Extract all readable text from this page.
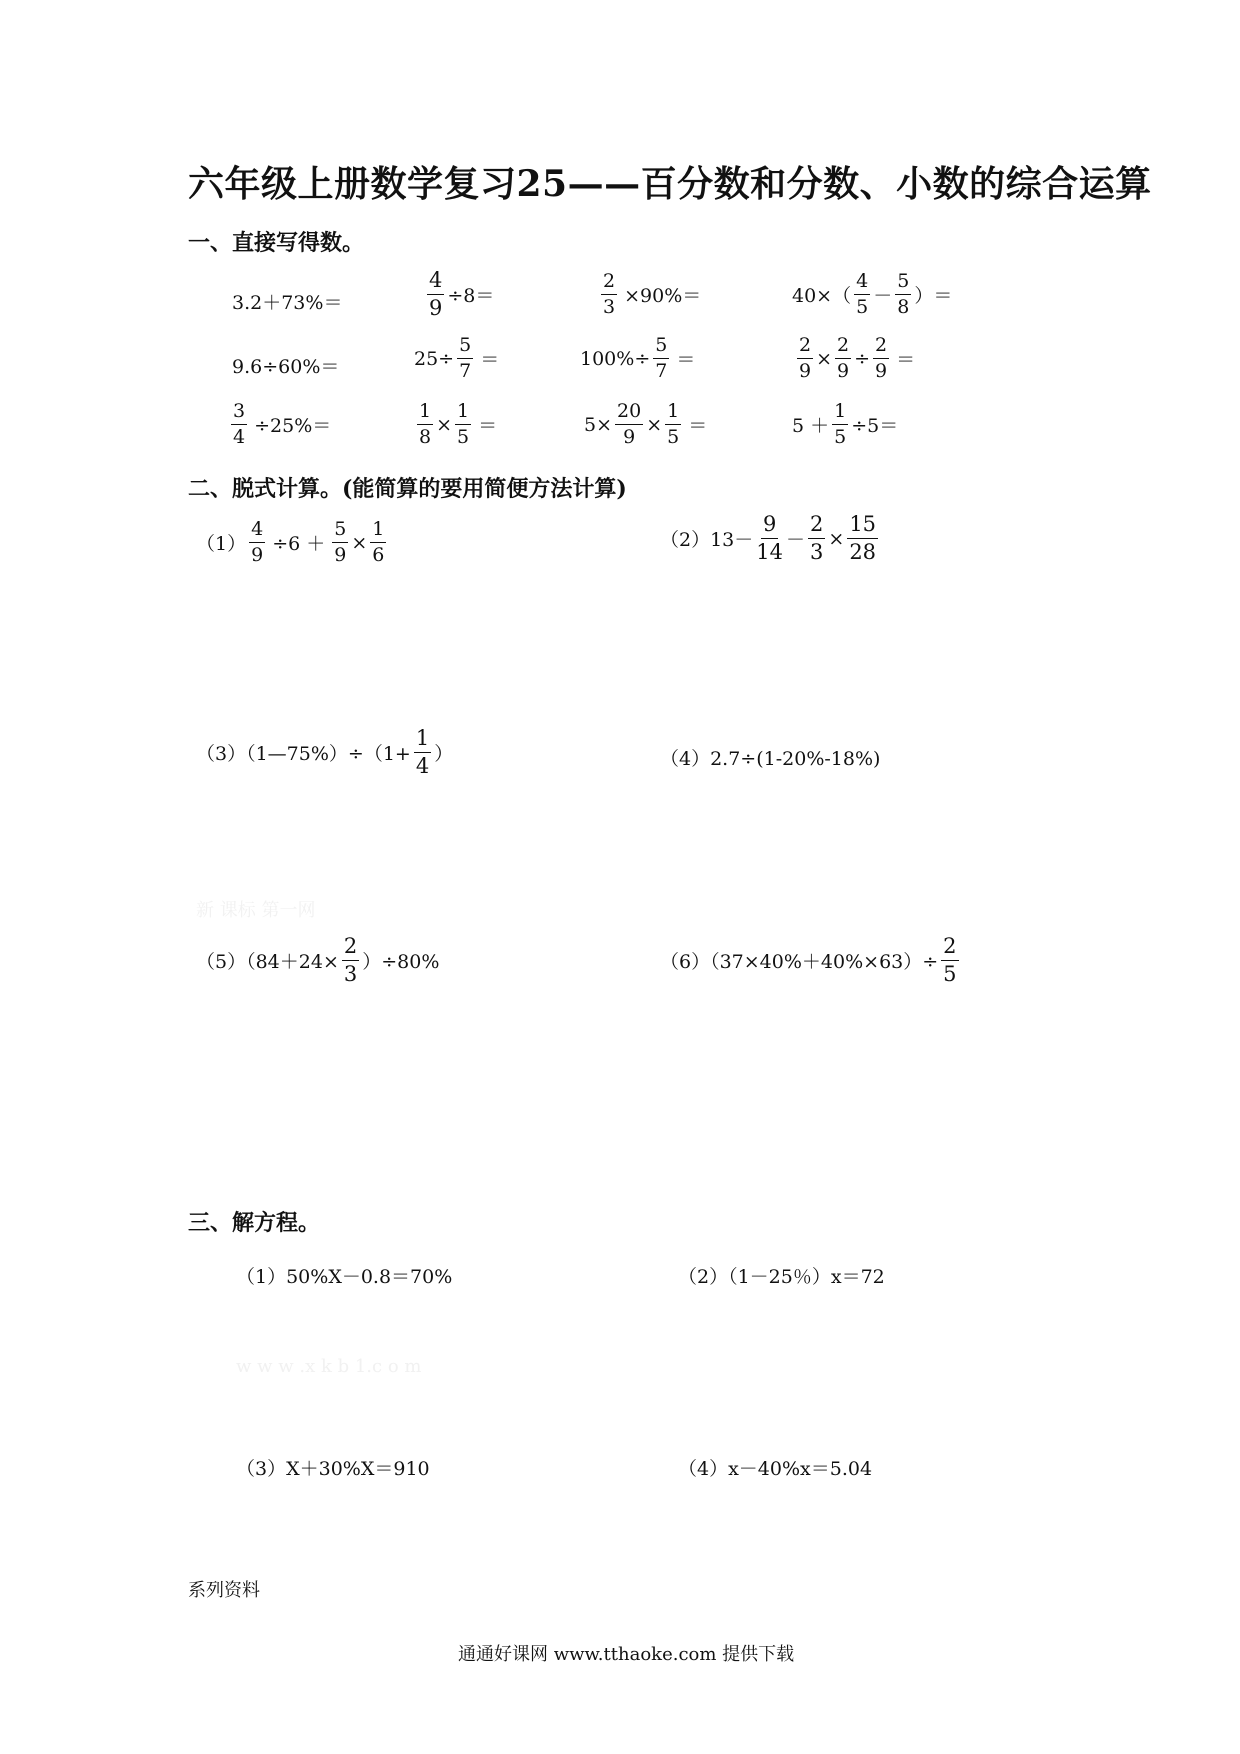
六年级上册数学复习25——百分数和分数、小数的综合运算
一、直接写得数。
3.2＋73%＝	$\frac{4}{9} \div 8=$	$\frac{2}{3} \times 90\%=$	$40\times( \frac{4}{5} - \frac{5}{8}$ ）＝
9.6÷60%＝	$25\div \frac{5}{7}$ ＝	$100\%\div \frac{5}{7}$ ＝	$\frac{2}{9} \times \frac{2}{9} \div \frac{2}{9}$ ＝
$\frac{3}{4} \div 25\%=$	$\frac{1}{8} \times \frac{1}{5}$ ＝	$5\times \frac{20}{9} \times \frac{1}{5}$ ＝	$5 + \frac{1}{5} \div 5=$
二、脱式计算。(能简算的要用简便方法计算)
$(1) \frac{4}{9} \div 6 + \frac{5}{9} \times \frac{1}{6}$	$(2)13- \frac{9}{14} - \frac{2}{3} \times \frac{15}{28}$
（3）（1—75%）÷（1+ $\frac{1}{4}$ ）	（4）2.7÷(1-20%-18%)
新 课标 第一网
$(5)(84+24\times \frac{2}{3} )\div 80\%$	$(6)(37\times 40\%+40\%\times 63)\div \frac{2}{5}$
三、解方程。
（1）50%X－0.8＝70%	（2）（1－25％）x＝72
w w w .x k b 1.c o m
（3）X＋30%X＝910	（4）x－40%x＝5.04
系列资料
通通好课网 www.tthaoke.com 提供下载
